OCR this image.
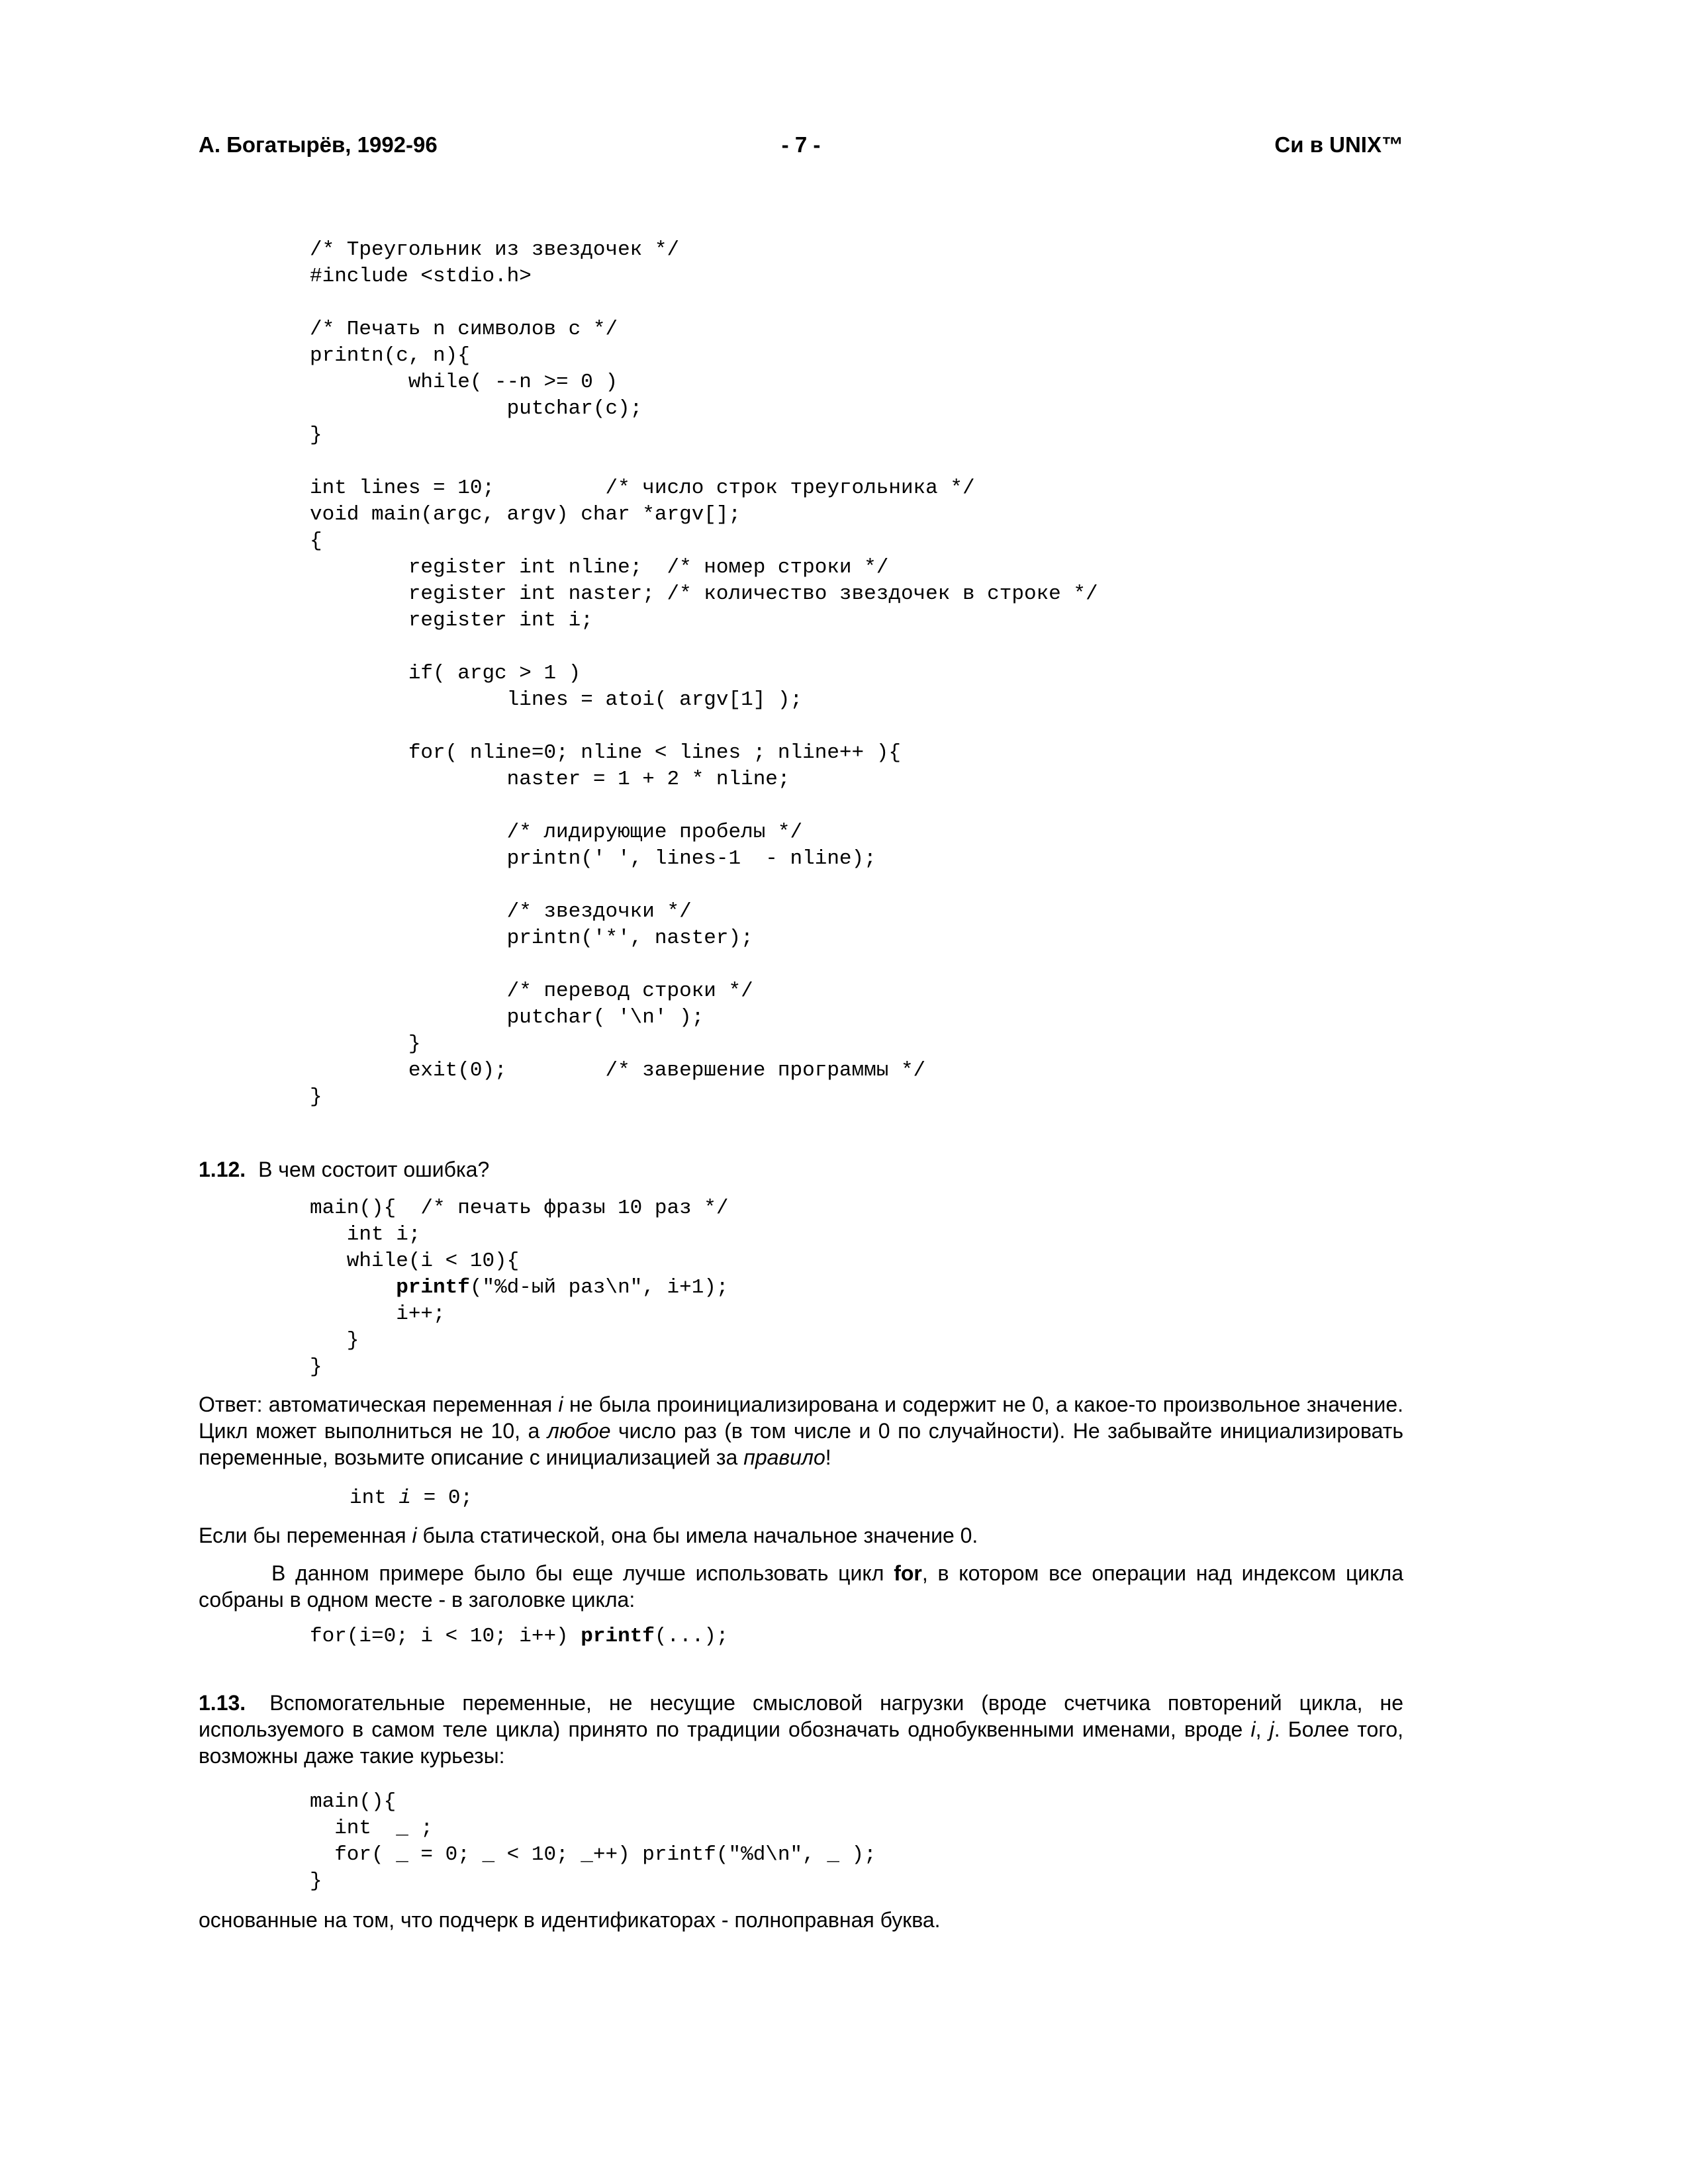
А. Богатырёв, 1992-96	- 7 -	Си в UNIX™
/* Треугольник из звездочек */
#include <stdio.h>

/* Печать n символов c */
printn(c, n){
while( --n >= 0 )
putchar(c);
}

int lines = 10;         /* число строк треугольника */
void main(argc, argv) char *argv[];
{
register int nline;  /* номер строки */
register int naster; /* количество звездочек в строке */
register int i;

if( argc > 1 )
lines = atoi( argv[1] );

for( nline=0; nline < lines ; nline++ ){
naster = 1 + 2 * nline;

/* лидирующие пробелы */
printn(' ', lines-1  - nline);

/* звездочки */
printn('*', naster);

/* перевод строки */
putchar( '\n' );
}
exit(0);        /* завершение программы */
}
1.12. В чем состоит ошибка?
main(){  /* печать фразы 10 раз */
int i;
while(i < 10){
printf("%d-ый раз\n", i+1);
i++;
}
}
Ответ: автоматическая переменная i не была проинициализирована и содержит не 0, а какое-то произвольное значение. Цикл может выполниться не 10, а любое число раз (в том числе и 0 по случайности). Не забывайте инициализировать переменные, возьмите описание с инициализацией за правило!
int i = 0;
Если бы переменная i была статической, она бы имела начальное значение 0.
В данном примере было бы еще лучше использовать цикл for, в котором все операции над индексом цикла собраны в одном месте - в заголовке цикла:
for(i=0; i < 10; i++) printf(...);
1.13. Вспомогательные переменные, не несущие смысловой нагрузки (вроде счетчика повторений цикла, не используемого в самом теле цикла) принято по традиции обозначать однобуквенными именами, вроде i, j. Более того, возможны даже такие курьезы:
main(){
int  _ ;
for( _ = 0; _ < 10; _++) printf("%d\n", _ );
}
основанные на том, что подчерк в идентификаторах - полноправная буква.
